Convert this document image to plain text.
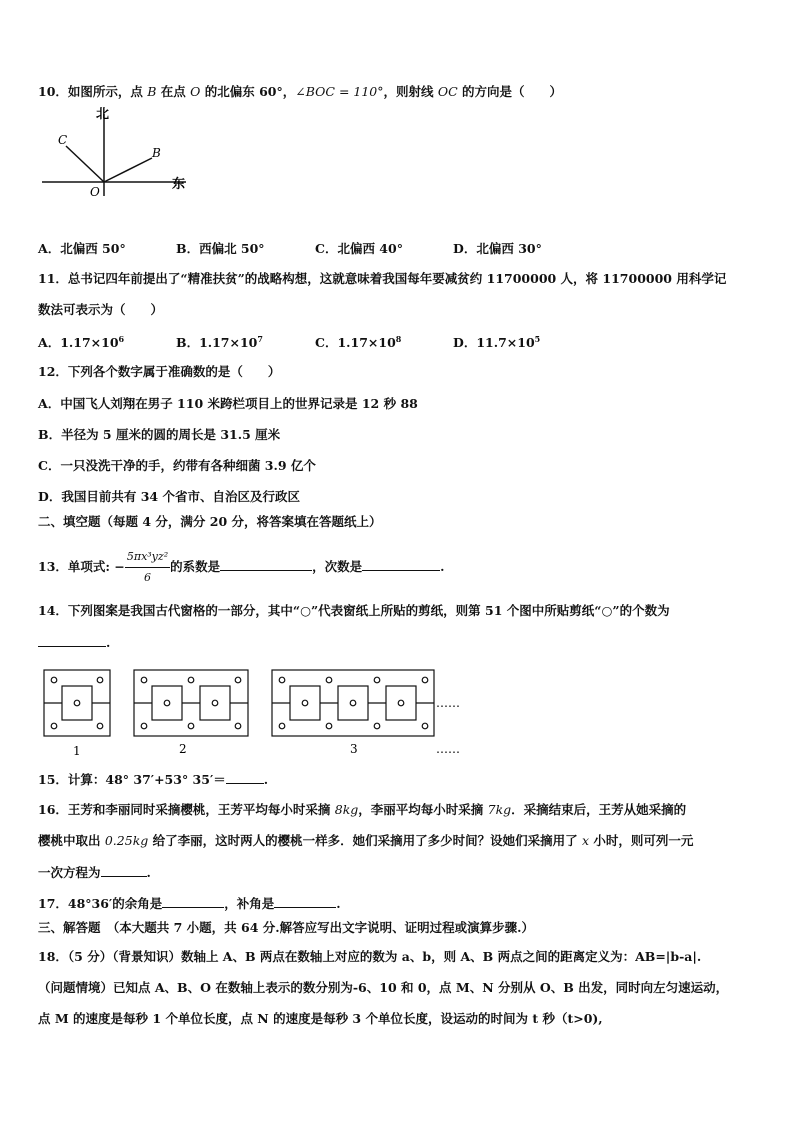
10．如图所示，点 B 在点 O 的北偏东 60°，∠BOC = 110°，则射线 OC 的方向是（　　）
北
东
C
B
O
A．北偏西 50°	B．西偏北 50°	C．北偏西 40°	D．北偏西 30°
11．总书记四年前提出了“精准扶贫”的战略构想，这就意味着我国每年要减贫约 11700000 人，将 11700000 用科学记
数法可表示为（　　）
A．$1.17\times 10^6$	B．$1.17\times 10^7$	C．$1.17\times 10^8$	D．$11.7\times 10^5$
12．下列各个数字属于准确数的是（　　）
A．中国飞人刘翔在男子 110 米跨栏项目上的世界记录是 12 秒 88
B．半径为 5 厘米的圆的周长是 31.5 厘米
C．一只没洗干净的手，约带有各种细菌 3.9 亿个
D．我国目前共有 34 个省市、自治区及行政区
二、填空题（每题 4 分，满分 20 分，将答案填在答题纸上）
13．单项式: − $\frac{\text{5πx³yz²}}{6}$ 的系数是	，次数是	.
14．下列图案是我国古代窗格的一部分，其中“○”代表窗纸上所贴的剪纸，则第 51 个图中所贴剪纸“○”的个数为
.
1	2	3
……
……
15．计算：48° 37′+53° 35′＝	.
16．王芳和李丽同时采摘樱桃，王芳平均每小时采摘 8kg，李丽平均每小时采摘 7kg．采摘结束后，王芳从她采摘的
樱桃中取出 0.25kg 给了李丽，这时两人的樱桃一样多．她们采摘用了多少时间？设她们采摘用了 x 小时，则可列一元
一次方程为	.
17．48°36′的余角是	，补角是	.
三、解答题　（本大题共 7 小题，共 64 分.解答应写出文字说明、证明过程或演算步骤.）
18．（5 分）（背景知识）数轴上 A、B 两点在数轴上对应的数为 a、b，则 A、B 两点之间的距离定义为：AB=|b-a|.
（问题情境）已知点 A、B、O 在数轴上表示的数分别为-6、10 和 0，点 M、N 分别从 O、B 出发，同时向左匀速运动，
点 M 的速度是每秒 1 个单位长度，点 N 的速度是每秒 3 个单位长度，设运动的时间为 t 秒（t>0),
